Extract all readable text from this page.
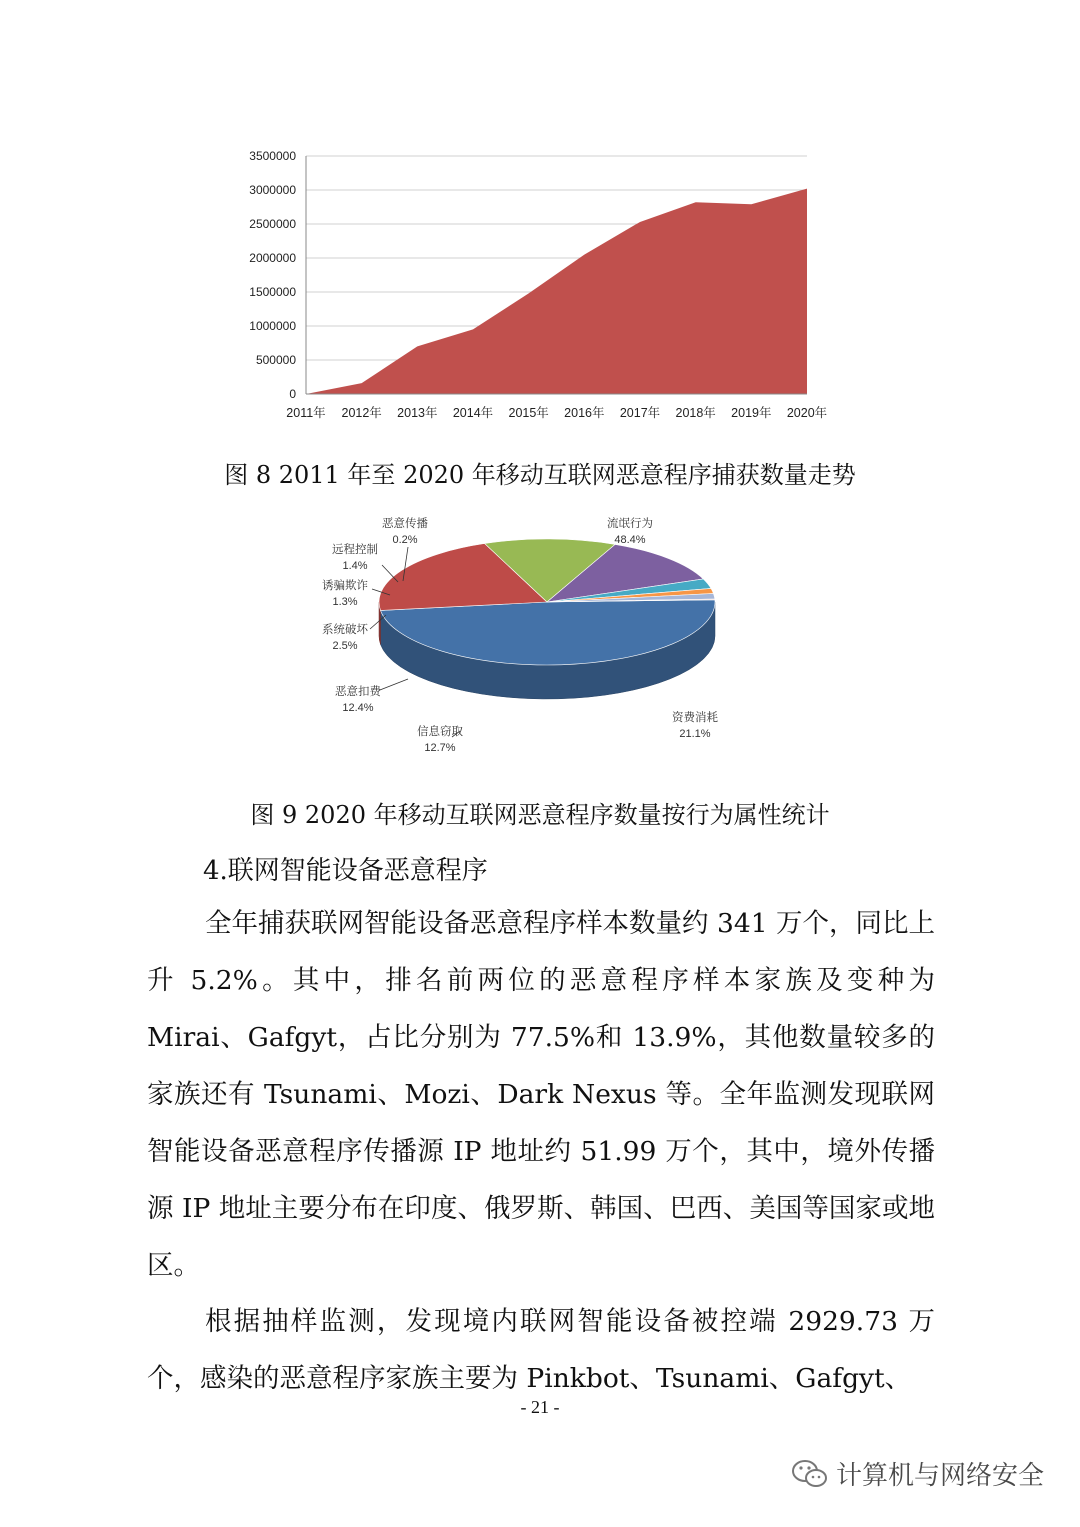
3500000
3000000
2500000
2000000
1500000
1000000
500000
0
2011年 2012年 2013年 2014年 2015年 2016年 2017年 2018年 2019年 2020年
图 8 2011 年至 2020 年移动互联网恶意程序捕获数量走势
流氓行为
48.4%
资费消耗
21.1%
信息窃取
12.7%
恶意扣费
12.4%
系统破坏
2.5%
诱骗欺诈
1.3%
远程控制
1.4%
恶意传播
0.2%
图 9 2020 年移动互联网恶意程序数量按行为属性统计
4.联网智能设备恶意程序

全年捕获联网智能设备恶意程序样本数量约 341 万个，同比上升 5.2%。其中，排名前两位的恶意程序样本家族及变种为 Mirai、Gafgyt，占比分别为 77.5%和 13.9%，其他数量较多的家族还有 Tsunami、Mozi、Dark Nexus 等。全年监测发现联网智能设备恶意程序传播源 IP 地址约 51.99 万个，其中，境外传播源 IP 地址主要分布在印度、俄罗斯、韩国、巴西、美国等国家或地区。

根据抽样监测，发现境内联网智能设备被控端 2929.73 万个，感染的恶意程序家族主要为 Pinkbot、Tsunami、Gafgyt、

- 21 -
计算机与网络安全
